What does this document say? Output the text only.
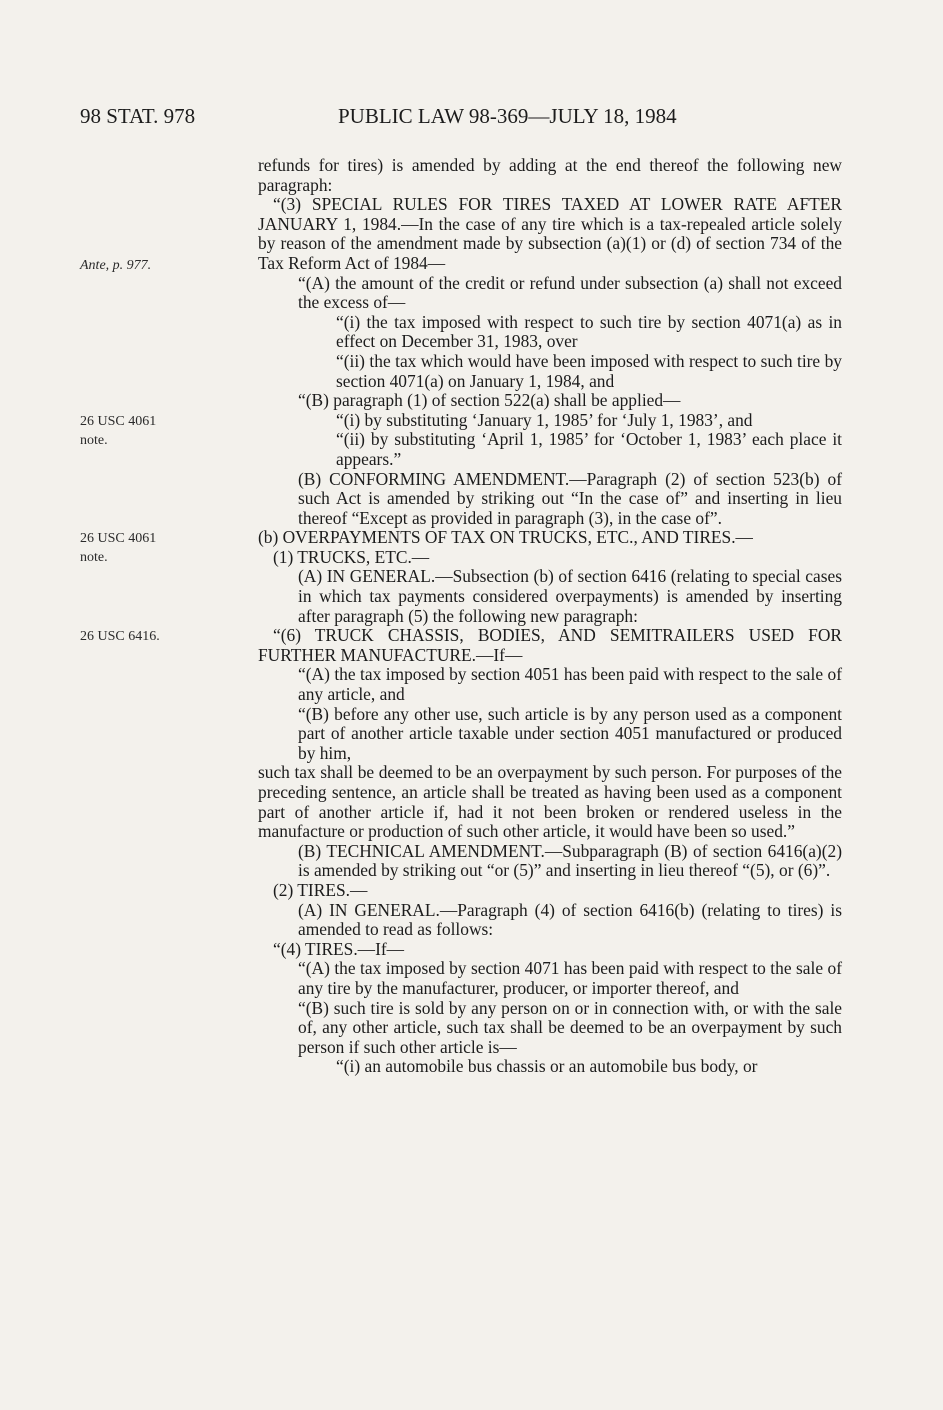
98 STAT. 978	PUBLIC LAW 98-369—JULY 18, 1984
Ante, p. 977.
26 USC 4061
note.
26 USC 4061
note.
26 USC 6416.

refunds for tires) is amended by adding at the end thereof the following new paragraph:

“(3) SPECIAL RULES FOR TIRES TAXED AT LOWER RATE AFTER JANUARY 1, 1984.—In the case of any tire which is a tax-repealed article solely by reason of the amendment made by subsection (a)(1) or (d) of section 734 of the Tax Reform Act of 1984—

“(A) the amount of the credit or refund under subsection (a) shall not exceed the excess of—

“(i) the tax imposed with respect to such tire by section 4071(a) as in effect on December 31, 1983, over

“(ii) the tax which would have been imposed with respect to such tire by section 4071(a) on January 1, 1984, and

“(B) paragraph (1) of section 522(a) shall be applied—

“(i) by substituting ‘January 1, 1985’ for ‘July 1, 1983’, and

“(ii) by substituting ‘April 1, 1985’ for ‘October 1, 1983’ each place it appears.”

(B) CONFORMING AMENDMENT.—Paragraph (2) of section 523(b) of such Act is amended by striking out “In the case of” and inserting in lieu thereof “Except as provided in paragraph (3), in the case of”.

(b) OVERPAYMENTS OF TAX ON TRUCKS, ETC., AND TIRES.—

(1) TRUCKS, ETC.—

(A) IN GENERAL.—Subsection (b) of section 6416 (relating to special cases in which tax payments considered overpayments) is amended by inserting after paragraph (5) the following new paragraph:

“(6) TRUCK CHASSIS, BODIES, AND SEMITRAILERS USED FOR FURTHER MANUFACTURE.—If—

“(A) the tax imposed by section 4051 has been paid with respect to the sale of any article, and

“(B) before any other use, such article is by any person used as a component part of another article taxable under section 4051 manufactured or produced by him,

such tax shall be deemed to be an overpayment by such person. For purposes of the preceding sentence, an article shall be treated as having been used as a component part of another article if, had it not been broken or rendered useless in the manufacture or production of such other article, it would have been so used.”

(B) TECHNICAL AMENDMENT.—Subparagraph (B) of section 6416(a)(2) is amended by striking out “or (5)” and inserting in lieu thereof “(5), or (6)”.

(2) TIRES.—

(A) IN GENERAL.—Paragraph (4) of section 6416(b) (relating to tires) is amended to read as follows:

“(4) TIRES.—If—

“(A) the tax imposed by section 4071 has been paid with respect to the sale of any tire by the manufacturer, producer, or importer thereof, and

“(B) such tire is sold by any person on or in connection with, or with the sale of, any other article, such tax shall be deemed to be an overpayment by such person if such other article is—

“(i) an automobile bus chassis or an automobile bus body, or
